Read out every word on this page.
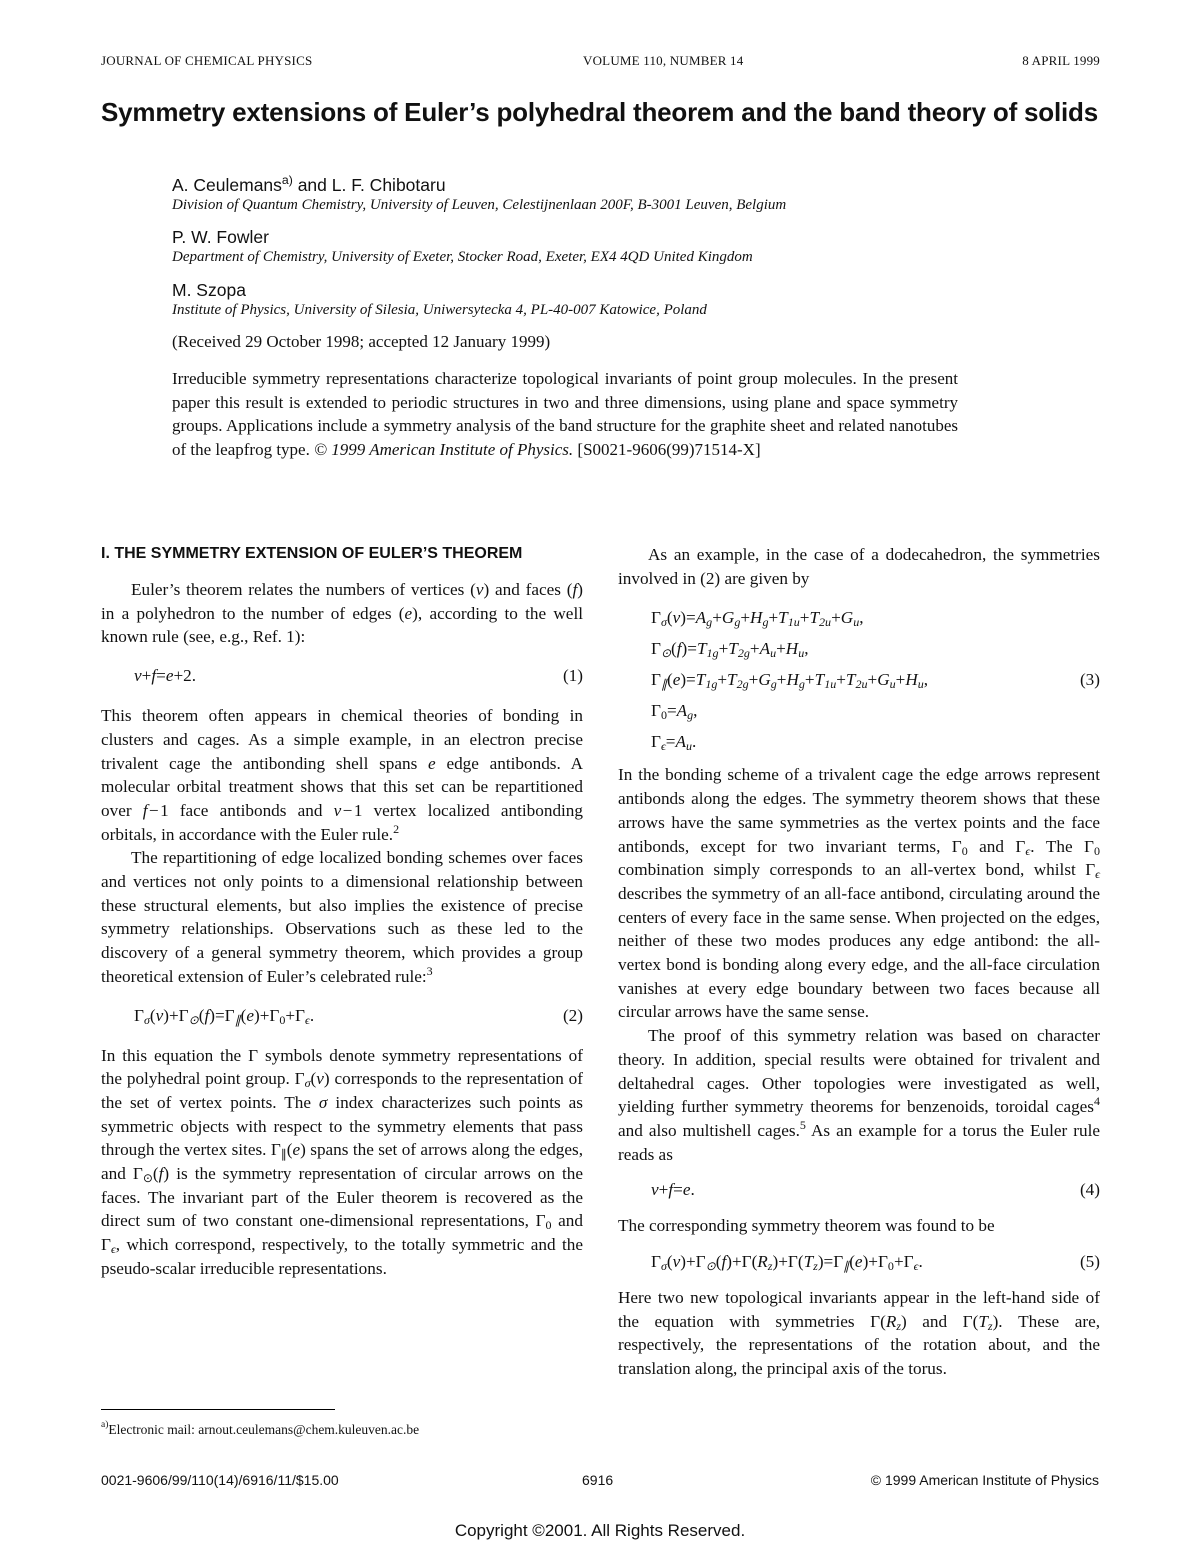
JOURNAL OF CHEMICAL PHYSICS	VOLUME 110, NUMBER 14	8 APRIL 1999
Symmetry extensions of Euler’s polyhedral theorem and the band theory of solids
A. Ceulemans$^{a)}$ and L. F. Chibotaru
Division of Quantum Chemistry, University of Leuven, Celestijnenlaan 200F, B-3001 Leuven, Belgium
P. W. Fowler
Department of Chemistry, University of Exeter, Stocker Road, Exeter, EX4 4QD United Kingdom
M. Szopa
Institute of Physics, University of Silesia, Uniwersytecka 4, PL-40-007 Katowice, Poland
(Received 29 October 1998; accepted 12 January 1999)
Irreducible symmetry representations characterize topological invariants of point group molecules. In the present paper this result is extended to periodic structures in two and three dimensions, using plane and space symmetry groups. Applications include a symmetry analysis of the band structure for the graphite sheet and related nanotubes of the leapfrog type. © 1999 American Institute of Physics. [S0021-9606(99)71514-X]
I. THE SYMMETRY EXTENSION OF EULER’S THEOREM

Euler’s theorem relates the numbers of vertices (v) and faces (f) in a polyhedron to the number of edges (e), according to the well known rule (see, e.g., Ref. 1):

v+f=e+2.	(1)

This theorem often appears in chemical theories of bonding in clusters and cages. As a simple example, in an electron precise trivalent cage the antibonding shell spans e edge antibonds. A molecular orbital treatment shows that this set can be repartitioned over f − 1 face antibonds and v − 1 vertex localized antibonding orbitals, in accordance with the Euler rule.$^2$

The repartitioning of edge localized bonding schemes over faces and vertices not only points to a dimensional relationship between these structural elements, but also implies the existence of precise symmetry relationships. Observations such as these led to the discovery of a general symmetry theorem, which provides a group theoretical extension of Euler’s celebrated rule:$^3$

$\Gamma_\sigma(v)+\Gamma_⊙(f)=\Gamma_\parallel(e)+\Gamma_0+\Gamma_\epsilon$.	(2)

In this equation the Γ symbols denote symmetry representations of the polyhedral point group. $\Gamma_\sigma(v)$ corresponds to the representation of the set of vertex points. The σ index characterizes such points as symmetric objects with respect to the symmetry elements that pass through the vertex sites. $\Gamma_\parallel(e)$ spans the set of arrows along the edges, and $\Gamma_⊙(f)$ is the symmetry representation of circular arrows on the faces. The invariant part of the Euler theorem is recovered as the direct sum of two constant one-dimensional representations, $\Gamma_0$ and $\Gamma_\epsilon$, which correspond, respectively, to the totally symmetric and the pseudo-scalar irreducible representations.

As an example, in the case of a dodecahedron, the symmetries involved in (2) are given by

$\Gamma_\sigma(v)=A_g+G_g+H_g+T_{1u}+T_{2u}+G_u$,
$\Gamma_⊙(f)=T_{1g}+T_{2g}+A_u+H_u$,
$\Gamma_\parallel(e)=T_{1g}+T_{2g}+G_g+H_g+T_{1u}+T_{2u}+G_u+H_u$,
$\Gamma_0=A_g$,
$\Gamma_\epsilon=A_u$.
(3)

In the bonding scheme of a trivalent cage the edge arrows represent antibonds along the edges. The symmetry theorem shows that these arrows have the same symmetries as the vertex points and the face antibonds, except for two invariant terms, $\Gamma_0$ and $\Gamma_\epsilon$. The $\Gamma_0$ combination simply corresponds to an all-vertex bond, whilst $\Gamma_\epsilon$ describes the symmetry of an all-face antibond, circulating around the centers of every face in the same sense. When projected on the edges, neither of these two modes produces any edge antibond: the all-vertex bond is bonding along every edge, and the all-face circulation vanishes at every edge boundary between two faces because all circular arrows have the same sense.

The proof of this symmetry relation was based on character theory. In addition, special results were obtained for trivalent and deltahedral cages. Other topologies were investigated as well, yielding further symmetry theorems for benzenoids, toroidal cages$^4$ and also multishell cages.$^5$ As an example for a torus the Euler rule reads as

v+f=e.	(4)

The corresponding symmetry theorem was found to be

$\Gamma_\sigma(v)+\Gamma_⊙(f)+\Gamma(R_z)+\Gamma(T_z)=\Gamma_\parallel(e)+\Gamma_0+\Gamma_\epsilon$.	(5)

Here two new topological invariants appear in the left-hand side of the equation with symmetries $\Gamma(R_z)$ and $\Gamma(T_z)$. These are, respectively, the representations of the rotation about, and the translation along, the principal axis of the torus.

$^{a)}$Electronic mail: arnout.ceulemans@chem.kuleuven.ac.be
0021-9606/99/110(14)/6916/11/$15.00	6916	© 1999 American Institute of Physics
Copyright ©2001. All Rights Reserved.
